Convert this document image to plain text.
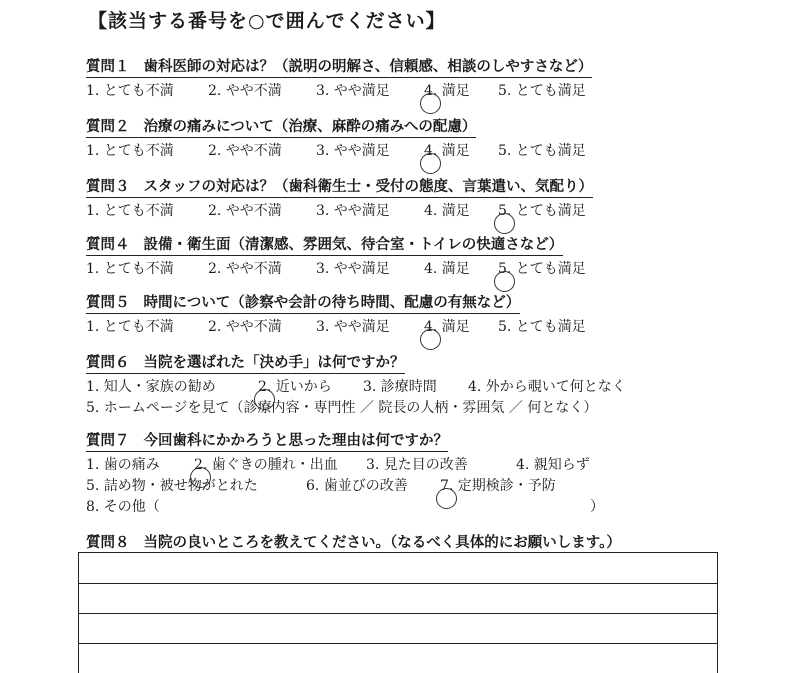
【該当する番号を○で囲んでください】
質問１ 歯科医師の対応は？（説明の明解さ、信頼感、相談のしやすさなど）
1. とても不満 2. やや不満 3. やや満足 4. 満足 5. とても満足
質問２ 治療の痛みについて（治療、麻酔の痛みへの配慮）
1. とても不満 2. やや不満 3. やや満足 4. 満足 5. とても満足
質問３ スタッフの対応は？（歯科衛生士・受付の態度、言葉遣い、気配り）
1. とても不満 2. やや不満 3. やや満足 4. 満足 5. とても満足
質問４ 設備・衛生面（清潔感、雰囲気、待合室・トイレの快適さなど）
1. とても不満 2. やや不満 3. やや満足 4. 満足 5. とても満足
質問５ 時間について（診察や会計の待ち時間、配慮の有無など）
1. とても不満 2. やや不満 3. やや満足 4. 満足 5. とても満足
質問６ 当院を選ばれた「決め手」は何ですか？
1. 知人・家族の勧め	2. 近いから 3. 診療時間 4. 外から覗いて何となく
5. ホームページを見て（診療内容・専門性 ／ 院長の人柄・雰囲気 ／ 何となく）
質問７ 今回歯科にかかろうと思った理由は何ですか？
1. 歯の痛み 2. 歯ぐきの腫れ・出血 3. 見た目の改善	4. 親知らず
5. 詰め物・被せ物がとれた	6. 歯並びの改善 7. 定期検診・予防
8. その他（	）
質問８ 当院の良いところを教えてください。（なるべく具体的にお願いします。）
